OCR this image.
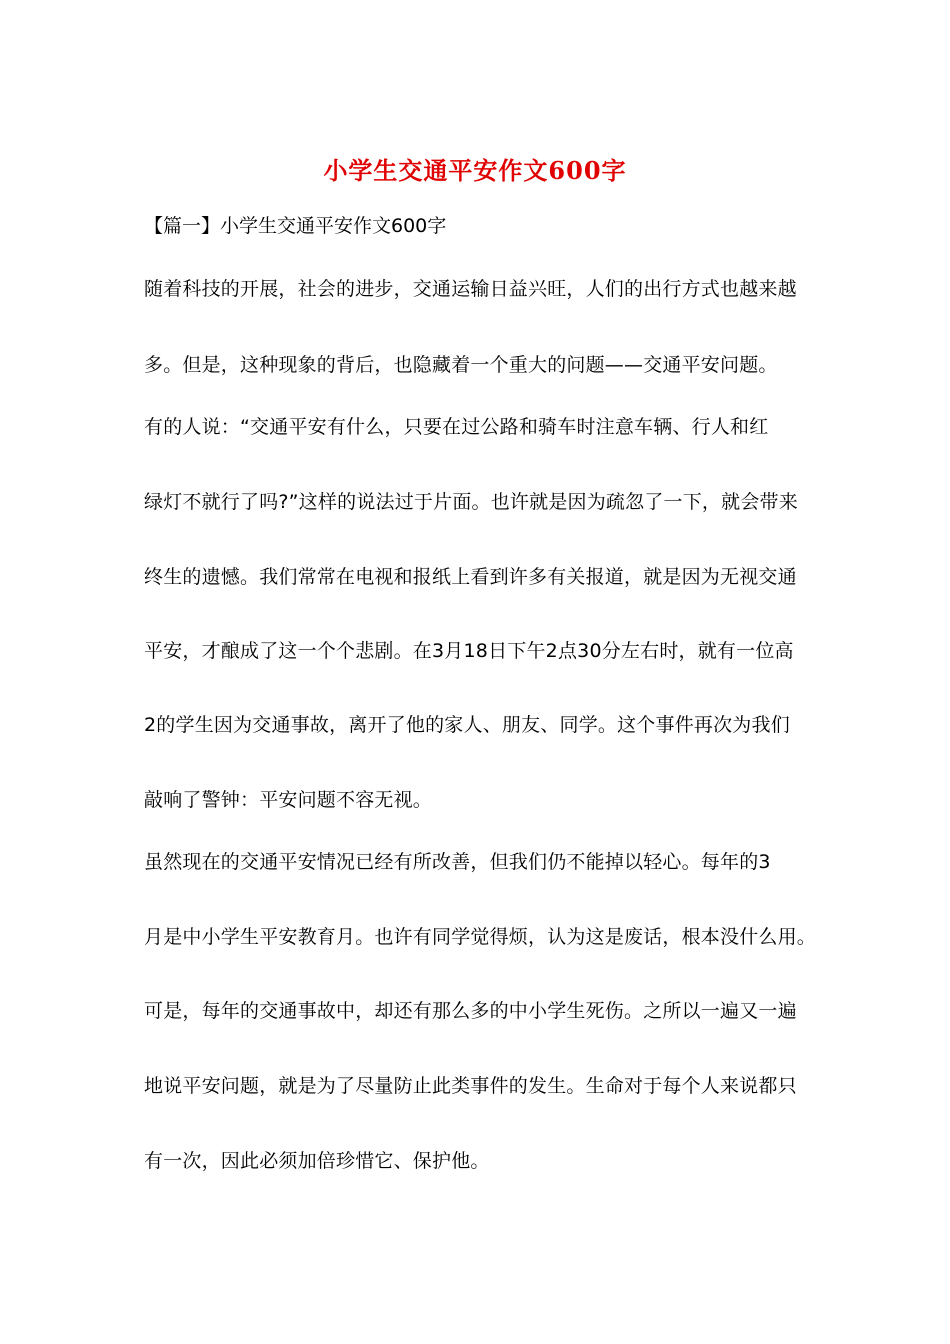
小学生交通平安作文600字
【篇一】小学生交通平安作文600字
随着科技的开展，社会的进步，交通运输日益兴旺，人们的出行方式也越来越
多。但是，这种现象的背后，也隐藏着一个重大的问题——交通平安问题。
有的人说：“交通平安有什么，只要在过公路和骑车时注意车辆、行人和红
绿灯不就行了吗?”这样的说法过于片面。也许就是因为疏忽了一下，就会带来
终生的遗憾。我们常常在电视和报纸上看到许多有关报道，就是因为无视交通
平安，才酿成了这一个个悲剧。在3月18日下午2点30分左右时，就有一位高
2的学生因为交通事故，离开了他的家人、朋友、同学。这个事件再次为我们
敲响了警钟：平安问题不容无视。
虽然现在的交通平安情况已经有所改善，但我们仍不能掉以轻心。每年的3
月是中小学生平安教育月。也许有同学觉得烦，认为这是废话，根本没什么用。
可是，每年的交通事故中，却还有那么多的中小学生死伤。之所以一遍又一遍
地说平安问题，就是为了尽量防止此类事件的发生。生命对于每个人来说都只
有一次，因此必须加倍珍惜它、保护他。
